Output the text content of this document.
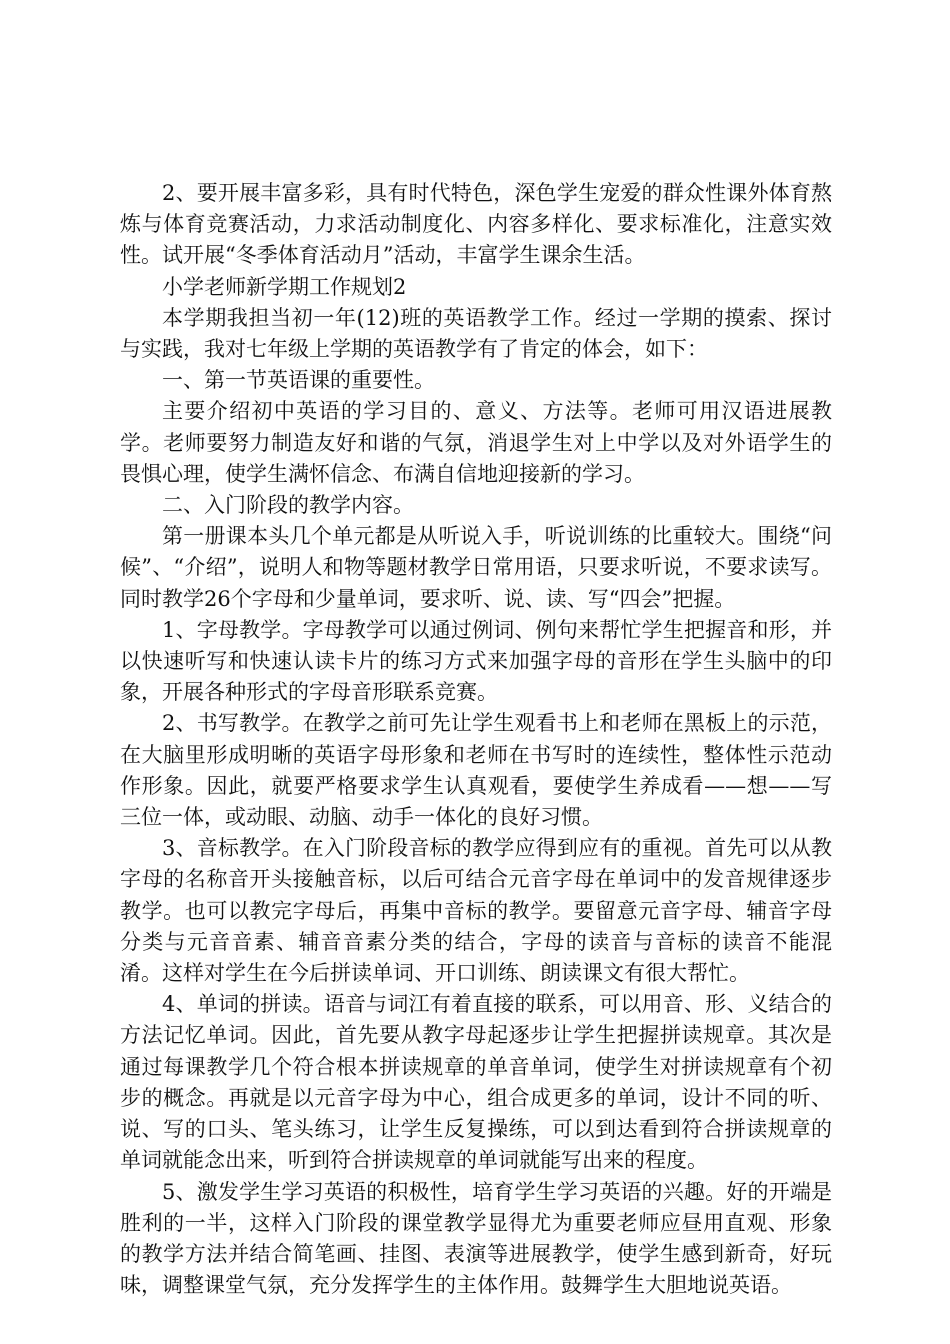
2、要开展丰富多彩，具有时代特色，深色学生宠爱的群众性课外体育熬炼与体育竞赛活动，力求活动制度化、内容多样化、要求标准化，注意实效性。试开展“冬季体育活动月”活动，丰富学生课余生活。

小学老师新学期工作规划2

本学期我担当初一年(12)班的英语教学工作。经过一学期的摸索、探讨与实践，我对七年级上学期的英语教学有了肯定的体会，如下：

一、第一节英语课的重要性。

主要介绍初中英语的学习目的、意义、方法等。老师可用汉语进展教学。老师要努力制造友好和谐的气氛，消退学生对上中学以及对外语学生的畏惧心理，使学生满怀信念、布满自信地迎接新的学习。

二、入门阶段的教学内容。

第一册课本头几个单元都是从听说入手，听说训练的比重较大。围绕“问候”、“介绍”，说明人和物等题材教学日常用语，只要求听说，不要求读写。同时教学26个字母和少量单词，要求听、说、读、写“四会”把握。

1、字母教学。字母教学可以通过例词、例句来帮忙学生把握音和形，并以快速听写和快速认读卡片的练习方式来加强字母的音形在学生头脑中的印象，开展各种形式的字母音形联系竞赛。

2、书写教学。在教学之前可先让学生观看书上和老师在黑板上的示范，在大脑里形成明晰的英语字母形象和老师在书写时的连续性，整体性示范动作形象。因此，就要严格要求学生认真观看，要使学生养成看——想——写三位一体，或动眼、动脑、动手一体化的良好习惯。

3、音标教学。在入门阶段音标的教学应得到应有的重视。首先可以从教字母的名称音开头接触音标，以后可结合元音字母在单词中的发音规律逐步教学。也可以教完字母后，再集中音标的教学。要留意元音字母、辅音字母分类与元音音素、辅音音素分类的结合，字母的读音与音标的读音不能混淆。这样对学生在今后拼读单词、开口训练、朗读课文有很大帮忙。

4、单词的拼读。语音与词江有着直接的联系，可以用音、形、义结合的方法记忆单词。因此，首先要从教字母起逐步让学生把握拼读规章。其次是通过每课教学几个符合根本拼读规章的单音单词，使学生对拼读规章有个初步的概念。再就是以元音字母为中心，组合成更多的单词，设计不同的听、说、写的口头、笔头练习，让学生反复操练，可以到达看到符合拼读规章的单词就能念出来，听到符合拼读规章的单词就能写出来的程度。

5、激发学生学习英语的积极性，培育学生学习英语的兴趣。好的开端是胜利的一半，这样入门阶段的课堂教学显得尤为重要老师应昼用直观、形象的教学方法并结合简笔画、挂图、表演等进展教学，使学生感到新奇，好玩味，调整课堂气氛，充分发挥学生的主体作用。鼓舞学生大胆地说英语。
